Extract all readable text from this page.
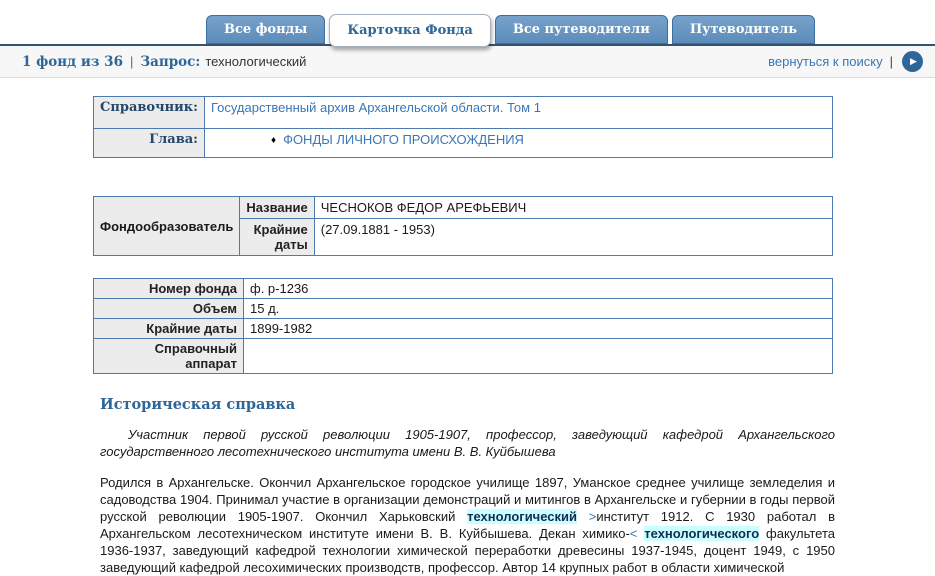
Все фонды	Карточка Фонда	Все путеводители	Путеводитель
1 фонд из 36 | Запрос: технологический	вернуться к поиску | ▶
Справочник:	Государственный архив Архангельской области. Том 1
Глава:	♦ ФОНДЫ ЛИЧНОГО ПРОИСХОЖДЕНИЯ
Фондообразователь	Название	ЧЕСНОКОВ ФЕДОР АРЕФЬЕВИЧ
	Крайние даты	(27.09.1881 - 1953)
Номер фонда	ф. р-1236
Объем	15 д.
Крайние даты	1899-1982
Справочный аппарат	
Историческая справка

Участник первой русской революции 1905-1907, профессор, заведующий кафедрой Архангельского государственного лесотехнического института имени В. В. Куйбышева

Родился в Архангельске. Окончил Архангельское городское училище 1897, Уманское среднее училище земледелия и садоводства 1904. Принимал участие в организации демонстраций и митингов в Архангельске и губернии в годы первой русской революции 1905-1907. Окончил Харьковский технологический >институт 1912. С 1930 работал в Архангельском лесотехническом институте имени В. В. Куйбышева. Декан химико-< технологического факультета 1936-1937, заведующий кафедрой технологии химической переработки древесины 1937-1945, доцент 1949, с 1950 заведующий кафедрой лесохимических производств, профессор. Автор 14 крупных работ в области химической
